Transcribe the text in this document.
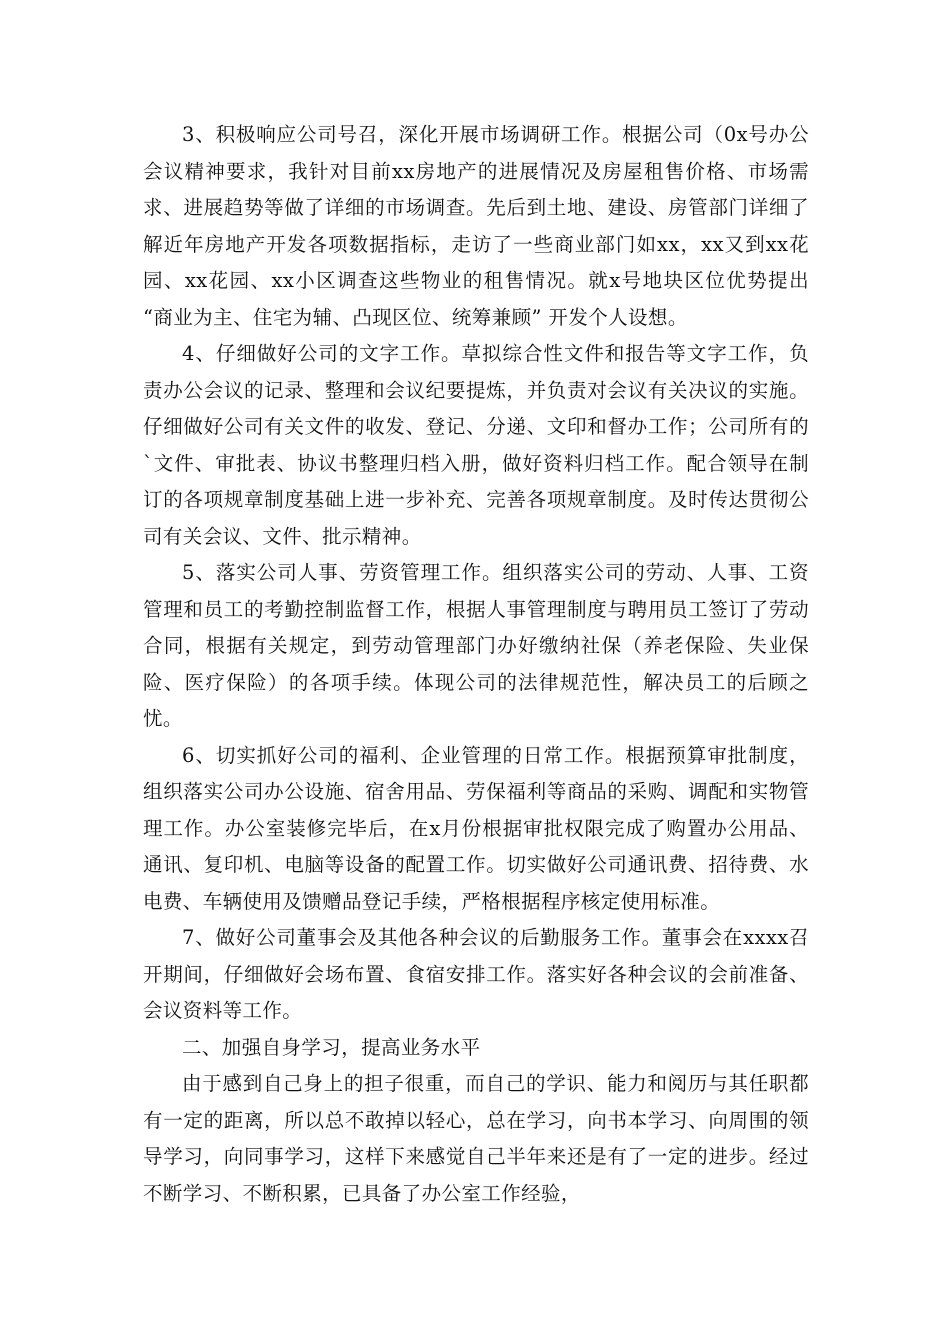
3、积极响应公司号召，深化开展市场调研工作。根据公司（0x号办公会议精神要求，我针对目前xx房地产的进展情况及房屋租售价格、市场需求、进展趋势等做了详细的市场调查。先后到土地、建设、房管部门详细了解近年房地产开发各项数据指标，走访了一些商业部门如xx，xx又到xx花园、xx花园、xx小区调查这些物业的租售情况。就x号地块区位优势提出 “商业为主、住宅为辅、凸现区位、统筹兼顾” 开发个人设想。

4、仔细做好公司的文字工作。草拟综合性文件和报告等文字工作，负责办公会议的记录、整理和会议纪要提炼，并负责对会议有关决议的实施。仔细做好公司有关文件的收发、登记、分递、文印和督办工作；公司所有的`文件、审批表、协议书整理归档入册，做好资料归档工作。配合领导在制订的各项规章制度基础上进一步补充、完善各项规章制度。及时传达贯彻公司有关会议、文件、批示精神。

5、落实公司人事、劳资管理工作。组织落实公司的劳动、人事、工资管理和员工的考勤控制监督工作，根据人事管理制度与聘用员工签订了劳动合同，根据有关规定，到劳动管理部门办好缴纳社保（养老保险、失业保险、医疗保险）的各项手续。体现公司的法律规范性，解决员工的后顾之忧。

6、切实抓好公司的福利、企业管理的日常工作。根据预算审批制度，组织落实公司办公设施、宿舍用品、劳保福利等商品的采购、调配和实物管理工作。办公室装修完毕后，在x月份根据审批权限完成了购置办公用品、通讯、复印机、电脑等设备的配置工作。切实做好公司通讯费、招待费、水电费、车辆使用及馈赠品登记手续，严格根据程序核定使用标准。

7、做好公司董事会及其他各种会议的后勤服务工作。董事会在xxxx召开期间，仔细做好会场布置、食宿安排工作。落实好各种会议的会前准备、会议资料等工作。

二、加强自身学习，提高业务水平

由于感到自己身上的担子很重，而自己的学识、能力和阅历与其任职都有一定的距离，所以总不敢掉以轻心，总在学习，向书本学习、向周围的领导学习，向同事学习，这样下来感觉自己半年来还是有了一定的进步。经过不断学习、不断积累，已具备了办公室工作经验，
